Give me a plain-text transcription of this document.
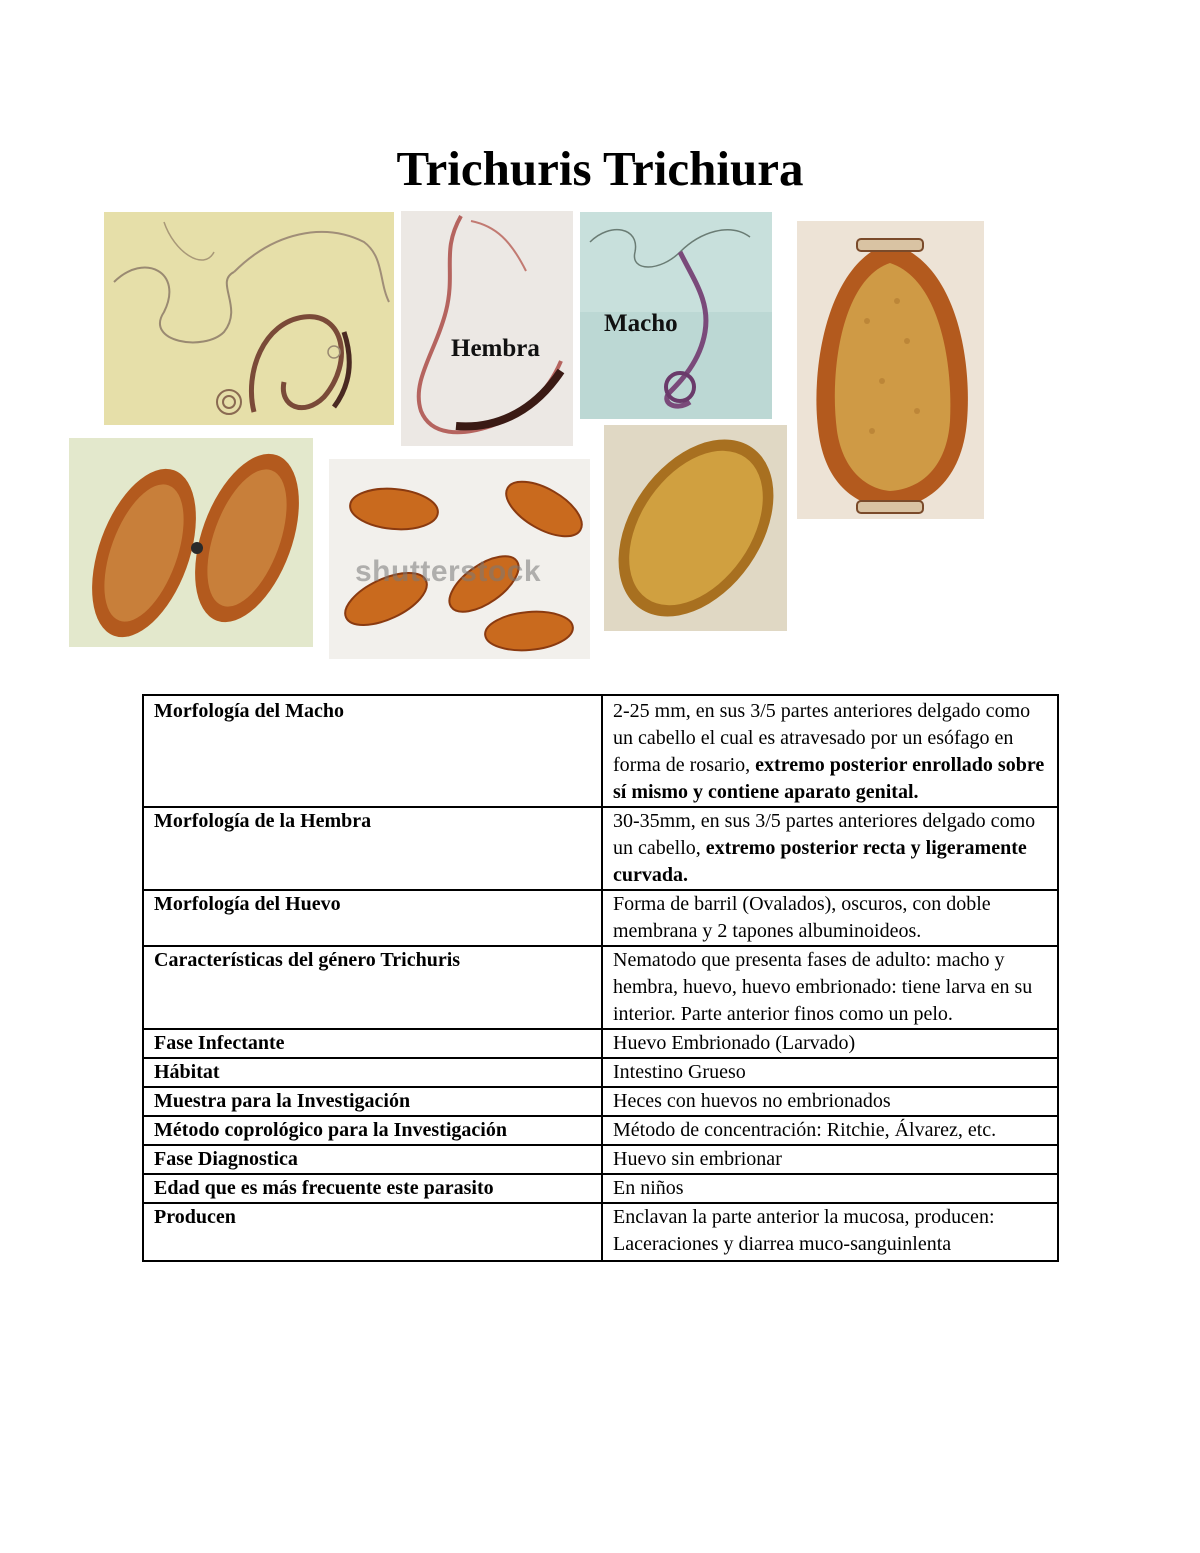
Trichuris Trichiura
Hembra
Macho
shutterstock
Morfología del Macho	2-25 mm, en sus 3/5 partes anteriores delgado como un cabello el cual es atravesado por un esófago en forma de rosario, extremo posterior enrollado sobre sí mismo y contiene aparato genital.
Morfología de la Hembra	30-35mm, en sus 3/5 partes anteriores delgado como un cabello, extremo posterior recta y ligeramente curvada.
Morfología del Huevo	Forma de barril (Ovalados), oscuros, con doble membrana y 2 tapones albuminoideos.
Características del género Trichuris	Nematodo que presenta fases de adulto: macho y hembra, huevo, huevo embrionado: tiene larva en su interior. Parte anterior finos como un pelo.
Fase Infectante	Huevo Embrionado (Larvado)
Hábitat	Intestino Grueso
Muestra para la Investigación	Heces con huevos no embrionados
Método coprológico para la Investigación	Método de concentración: Ritchie, Álvarez, etc.
Fase Diagnostica	Huevo sin embrionar
Edad que es más frecuente este parasito	En niños
Producen	Enclavan la parte anterior la mucosa, producen: Laceraciones y diarrea muco-sanguinlenta
